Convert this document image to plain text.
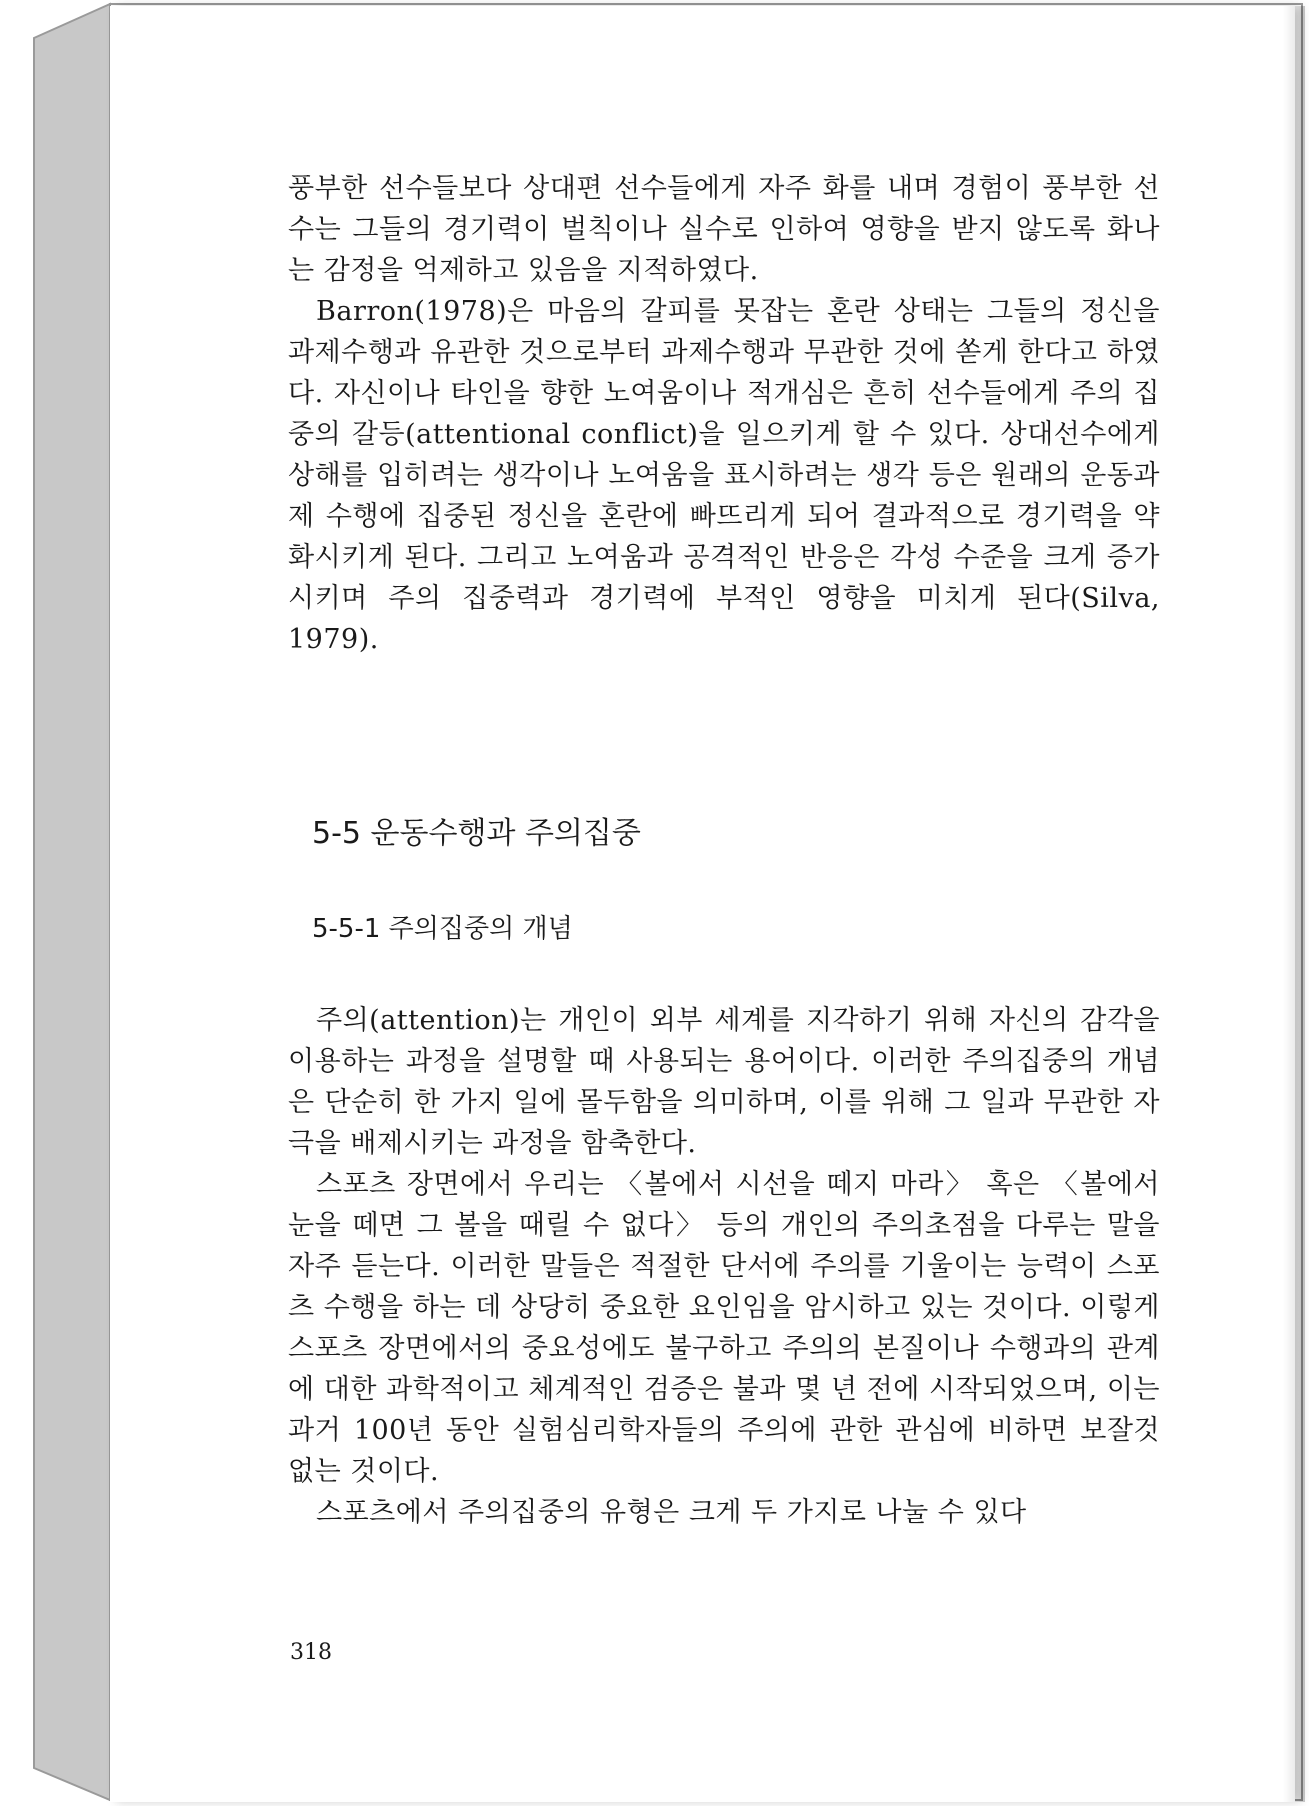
풍부한 선수들보다 상대편 선수들에게 자주 화를 내며 경험이 풍부한 선수는 그들의 경기력이 벌칙이나 실수로 인하여 영향을 받지 않도록 화나는 감정을 억제하고 있음을 지적하였다.

Barron(1978)은 마음의 갈피를 못잡는 혼란 상태는 그들의 정신을 과제수행과 유관한 것으로부터 과제수행과 무관한 것에 쏟게 한다고 하였다. 자신이나 타인을 향한 노여움이나 적개심은 흔히 선수들에게 주의 집중의 갈등(attentional conflict)을 일으키게 할 수 있다. 상대선수에게 상해를 입히려는 생각이나 노여움을 표시하려는 생각 등은 원래의 운동과제 수행에 집중된 정신을 혼란에 빠뜨리게 되어 결과적으로 경기력을 약화시키게 된다. 그리고 노여움과 공격적인 반응은 각성 수준을 크게 증가시키며 주의 집중력과 경기력에 부적인 영향을 미치게 된다(Silva, 1979).

5-5 운동수행과 주의집중
5-5-1 주의집중의 개념

주의(attention)는 개인이 외부 세계를 지각하기 위해 자신의 감각을 이용하는 과정을 설명할 때 사용되는 용어이다. 이러한 주의집중의 개념은 단순히 한 가지 일에 몰두함을 의미하며, 이를 위해 그 일과 무관한 자극을 배제시키는 과정을 함축한다.

스포츠 장면에서 우리는 〈볼에서 시선을 떼지 마라〉 혹은 〈볼에서 눈을 떼면 그 볼을 때릴 수 없다〉 등의 개인의 주의초점을 다루는 말을 자주 듣는다. 이러한 말들은 적절한 단서에 주의를 기울이는 능력이 스포츠 수행을 하는 데 상당히 중요한 요인임을 암시하고 있는 것이다. 이렇게 스포츠 장면에서의 중요성에도 불구하고 주의의 본질이나 수행과의 관계에 대한 과학적이고 체계적인 검증은 불과 몇 년 전에 시작되었으며, 이는 과거 100년 동안 실험심리학자들의 주의에 관한 관심에 비하면 보잘것 없는 것이다.

스포츠에서 주의집중의 유형은 크게 두 가지로 나눌 수 있다

318
